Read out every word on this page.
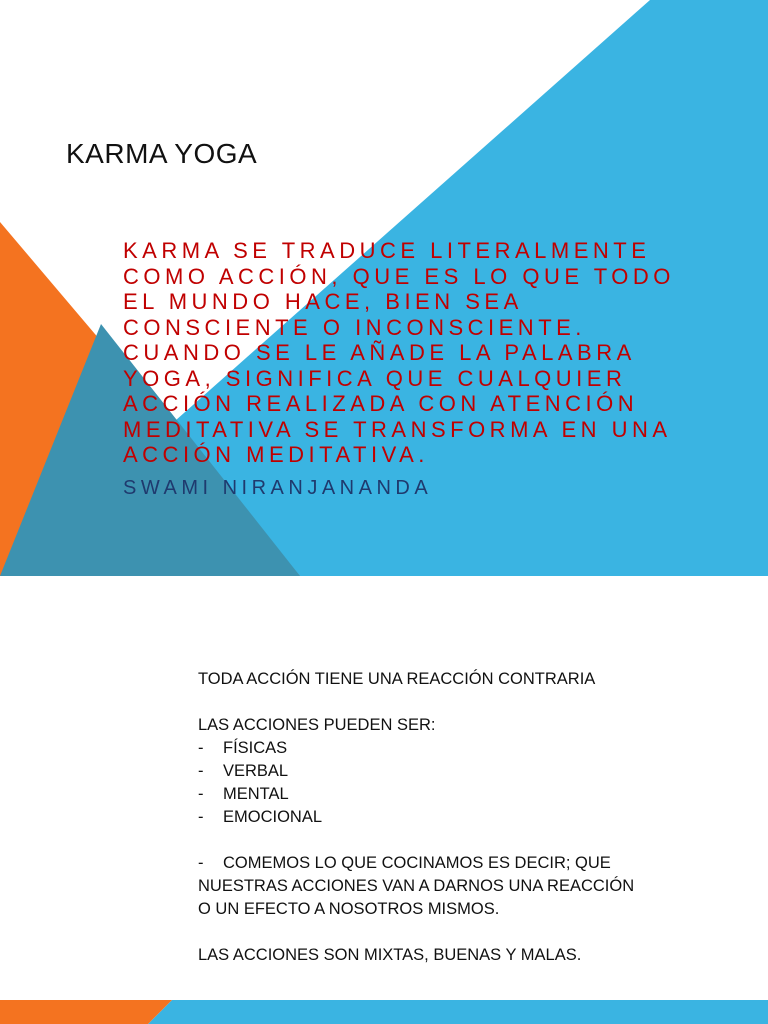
KARMA YOGA

KARMA SE TRADUCE LITERALMENTE
COMO ACCIÓN, QUE ES LO QUE TODO
EL MUNDO HACE, BIEN SEA
CONSCIENTE O INCONSCIENTE.
CUANDO SE LE AÑADE LA PALABRA
YOGA, SIGNIFICA QUE CUALQUIER
ACCIÓN REALIZADA CON ATENCIÓN
MEDITATIVA SE TRANSFORMA EN UNA
ACCIÓN MEDITATIVA.

SWAMI NIRANJANANDA

TODA ACCIÓN TIENE UNA REACCIÓN CONTRARIA
LAS ACCIONES PUEDEN SER:
- FÍSICAS
- VERBAL
- MENTAL
- EMOCIONAL
- COMEMOS LO QUE COCINAMOS ES DECIR; QUE
NUESTRAS ACCIONES VAN A DARNOS UNA REACCIÓN
O UN EFECTO A NOSOTROS MISMOS.
LAS ACCIONES SON MIXTAS, BUENAS Y MALAS.
